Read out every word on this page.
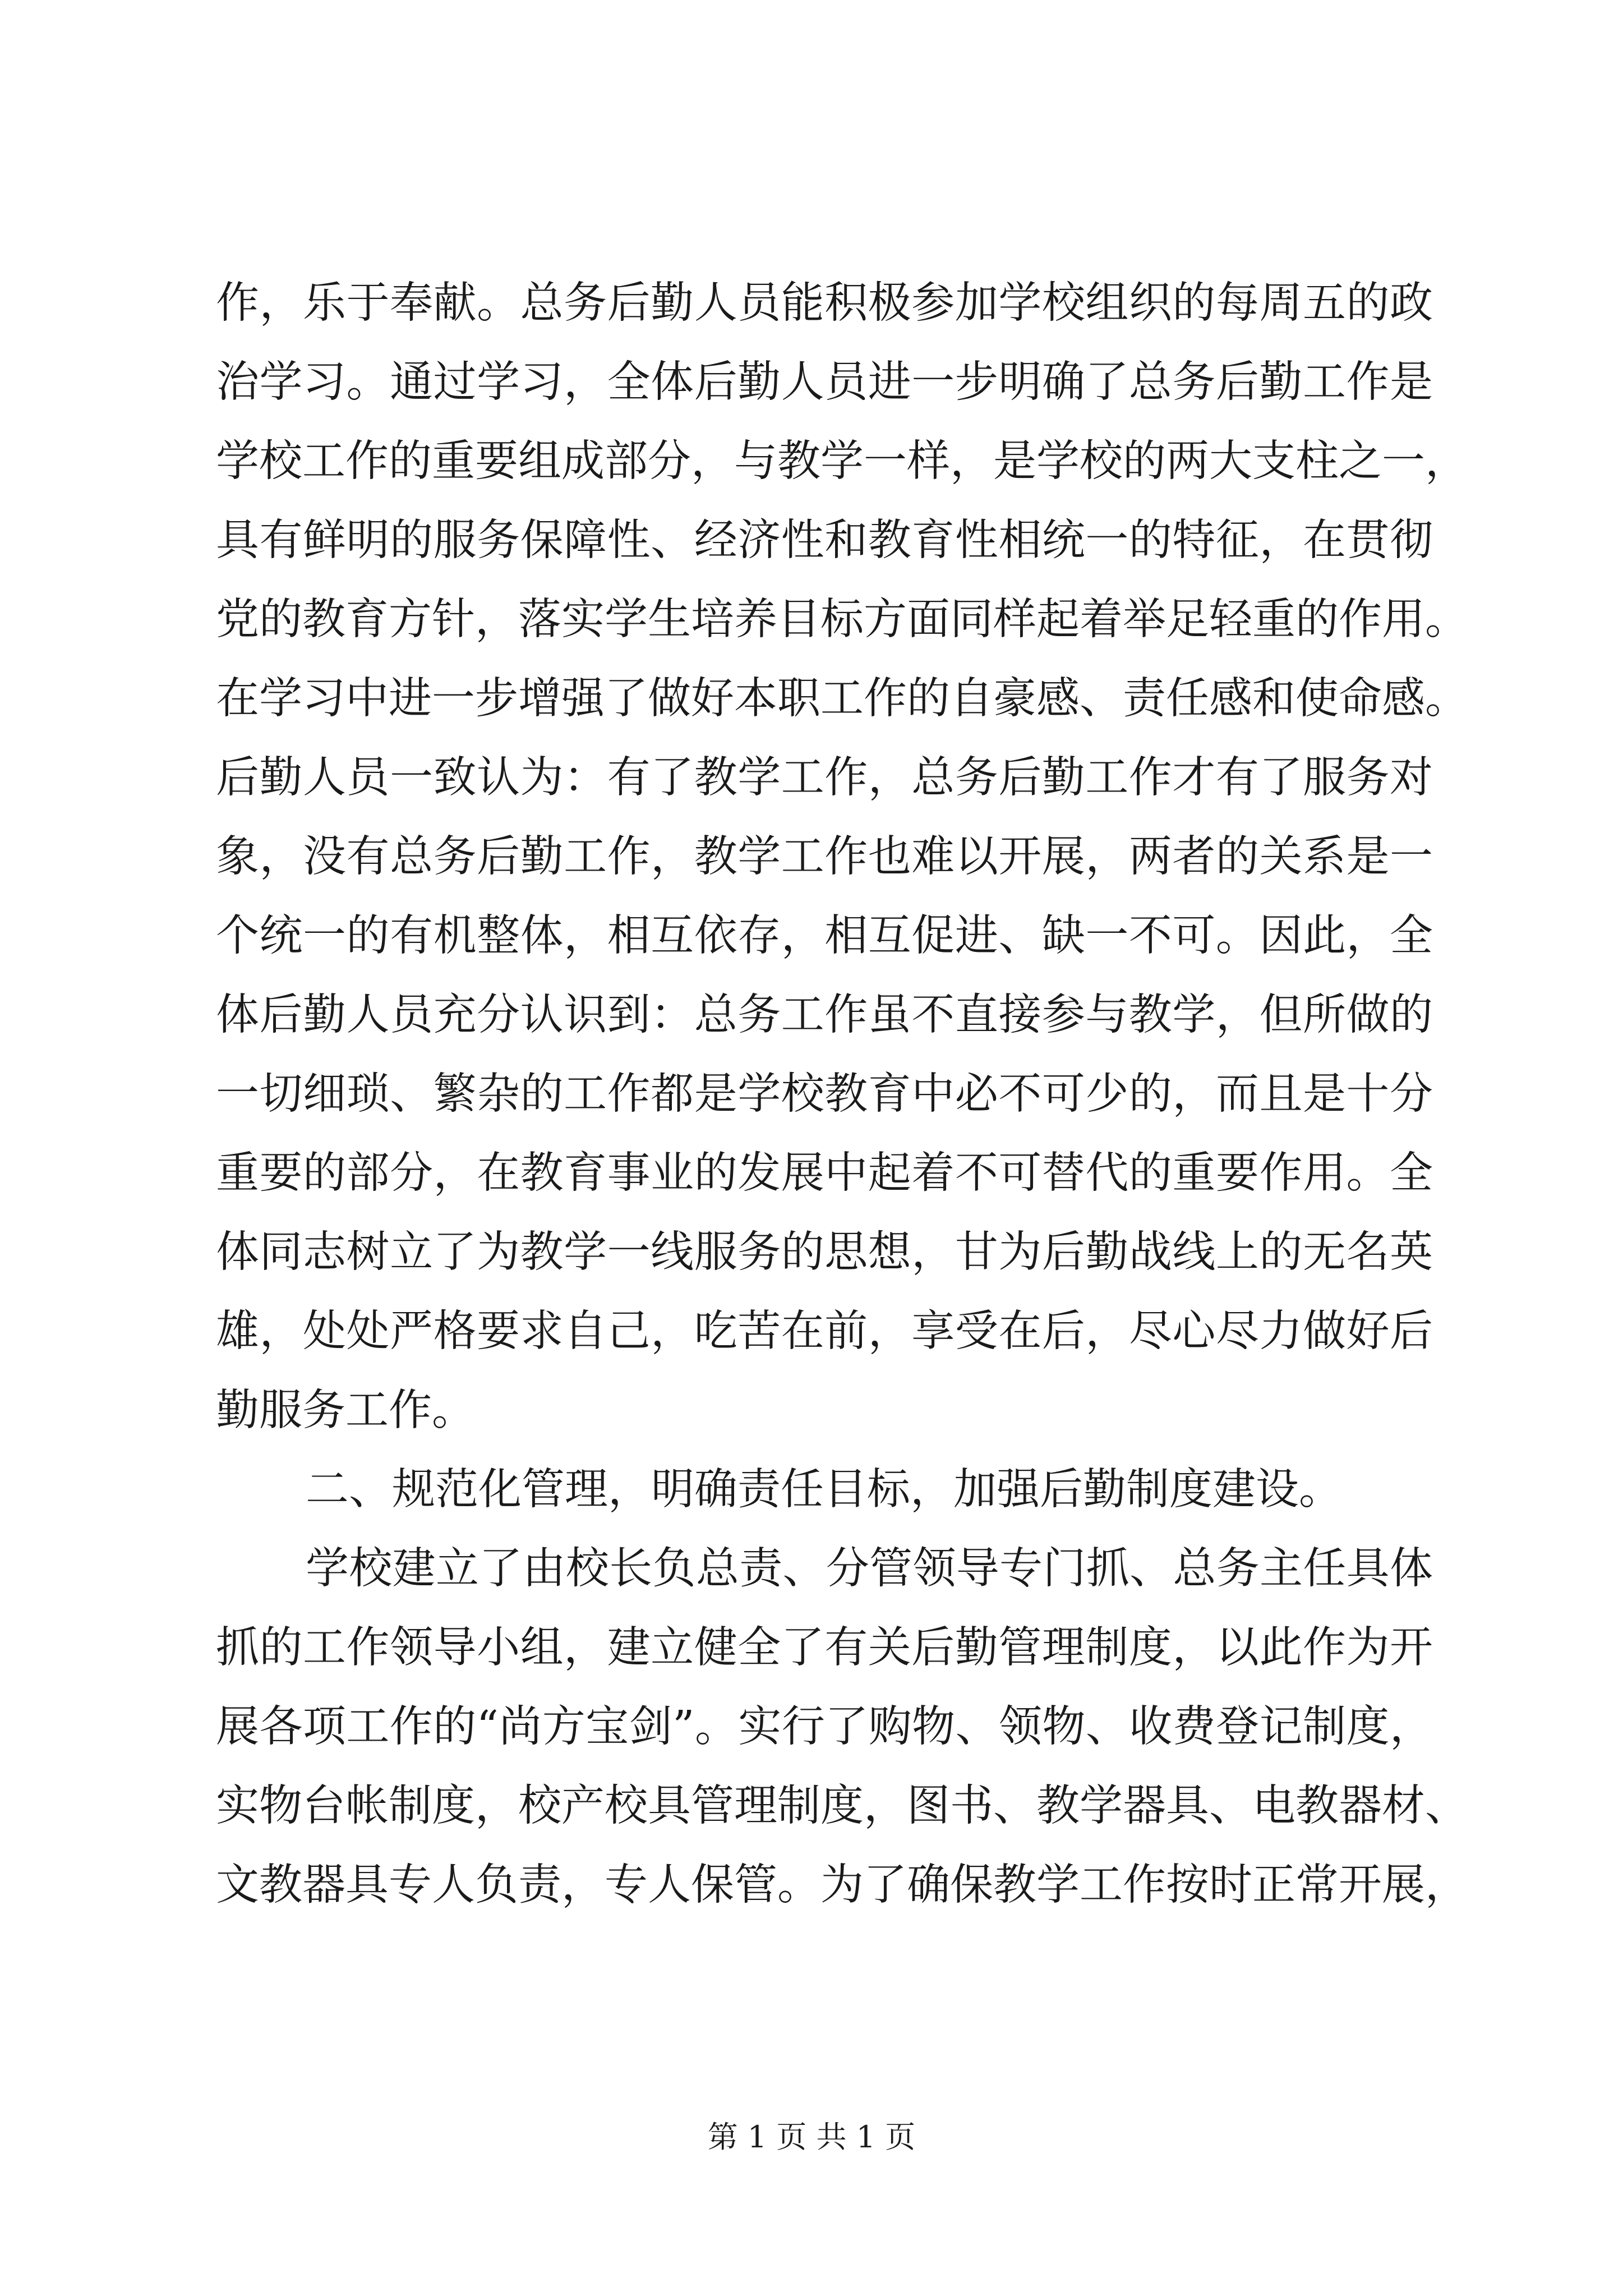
作，乐于奉献。总务后勤人员能积极参加学校组织的每周五的政
治学习。通过学习，全体后勤人员进一步明确了总务后勤工作是
学校工作的重要组成部分，与教学一样，是学校的两大支柱之一，
具有鲜明的服务保障性、经济性和教育性相统一的特征，在贯彻
党的教育方针，落实学生培养目标方面同样起着举足轻重的作用。
在学习中进一步增强了做好本职工作的自豪感、责任感和使命感。
后勤人员一致认为：有了教学工作，总务后勤工作才有了服务对
象，没有总务后勤工作，教学工作也难以开展，两者的关系是一
个统一的有机整体，相互依存，相互促进、缺一不可。因此，全
体后勤人员充分认识到：总务工作虽不直接参与教学，但所做的
一切细琐、繁杂的工作都是学校教育中必不可少的，而且是十分
重要的部分，在教育事业的发展中起着不可替代的重要作用。全
体同志树立了为教学一线服务的思想，甘为后勤战线上的无名英
雄，处处严格要求自己，吃苦在前，享受在后，尽心尽力做好后
勤服务工作。
二、规范化管理，明确责任目标，加强后勤制度建设。
学校建立了由校长负总责、分管领导专门抓、总务主任具体
抓的工作领导小组，建立健全了有关后勤管理制度，以此作为开
展各项工作的“尚方宝剑”。实行了购物、领物、收费登记制度，
实物台帐制度，校产校具管理制度，图书、教学器具、电教器材、
文教器具专人负责，专人保管。为了确保教学工作按时正常开展，
第 1 页 共 1 页
